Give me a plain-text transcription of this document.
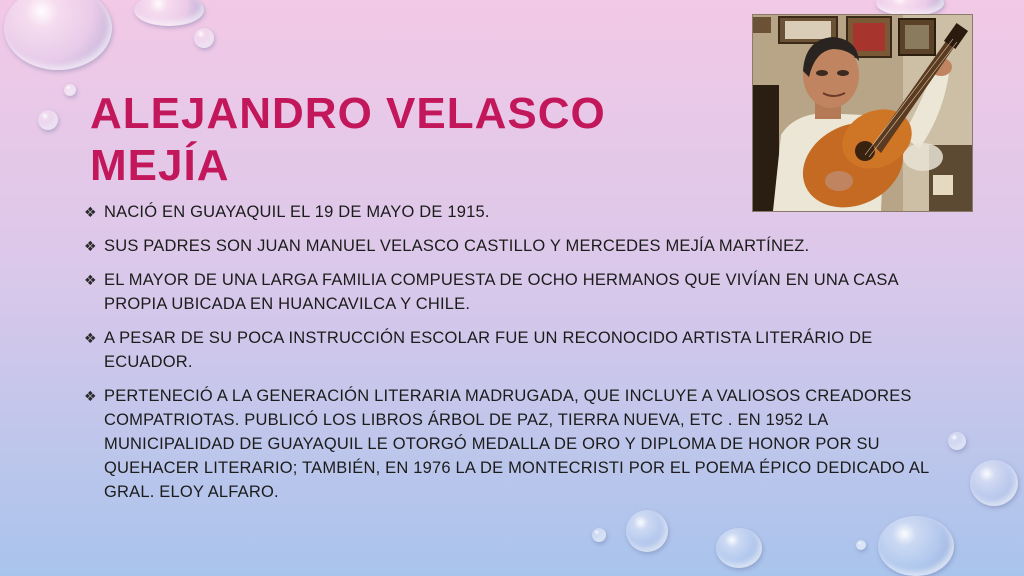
ALEJANDRO VELASCO MEJÍA
❖ NACIÓ EN GUAYAQUIL EL 19 DE MAYO DE 1915.
❖ SUS PADRES SON JUAN MANUEL VELASCO CASTILLO Y MERCEDES MEJÍA MARTÍNEZ.
❖ EL MAYOR DE UNA LARGA FAMILIA COMPUESTA DE OCHO HERMANOS QUE VIVÍAN EN UNA CASA PROPIA UBICADA EN HUANCAVILCA Y CHILE.
❖ A PESAR DE SU POCA INSTRUCCIÓN ESCOLAR FUE UN RECONOCIDO ARTISTA LITERÁRIO DE ECUADOR.
❖ PERTENECIÓ A LA GENERACIÓN LITERARIA MADRUGADA, QUE INCLUYE A VALIOSOS CREADORES COMPATRIOTAS. PUBLICÓ LOS LIBROS ÁRBOL DE PAZ, TIERRA NUEVA, ETC . EN 1952 LA MUNICIPALIDAD DE GUAYAQUIL LE OTORGÓ MEDALLA DE ORO Y DIPLOMA DE HONOR POR SU QUEHACER LITERARIO; TAMBIÉN, EN 1976 LA DE MONTECRISTI POR EL POEMA ÉPICO DEDICADO AL GRAL. ELOY ALFARO.
